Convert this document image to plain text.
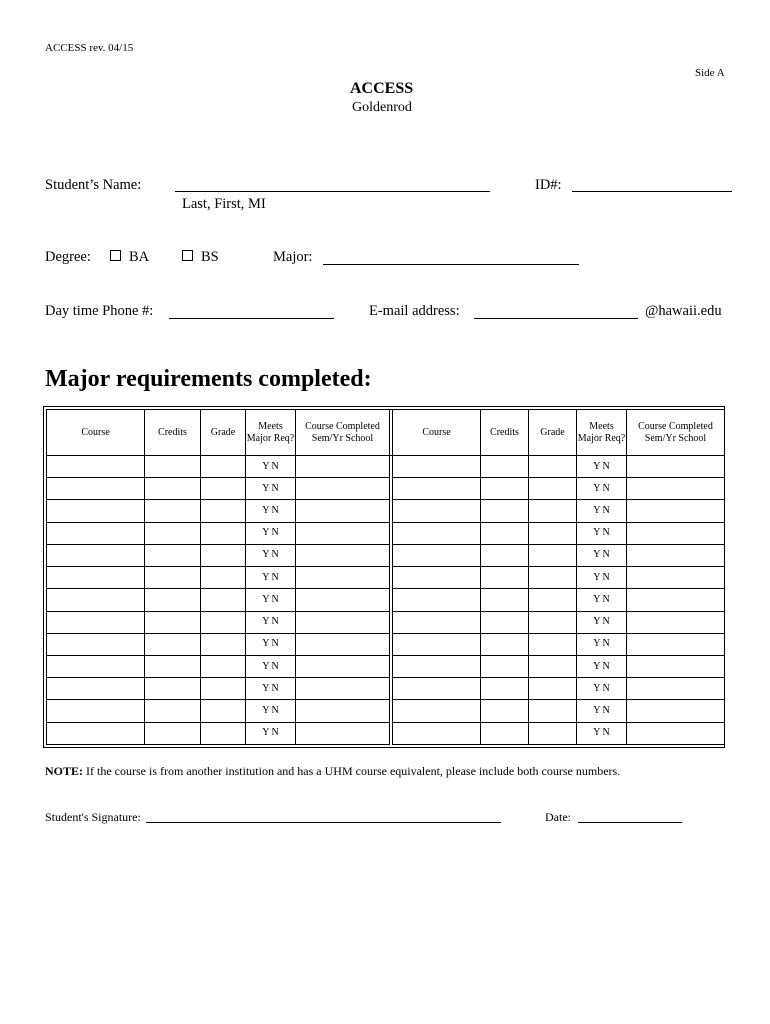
ACCESS rev. 04/15
Side A
ACCESS
Goldenrod
Student’s Name:
Last, First, MI
ID#:
Degree:	BA	BS	Major:
Day time Phone #:	E-mail address:	@hawaii.edu
Major requirements completed:
Course	Credits	Grade	Meets Major Req?	Course Completed Sem/Yr School		Course	Credits	Grade	Meets Major Req?	Course Completed Sem/Yr School
			Y N						Y N	
			Y N						Y N	
			Y N						Y N	
			Y N						Y N	
			Y N						Y N	
			Y N						Y N	
			Y N						Y N	
			Y N						Y N	
			Y N						Y N	
			Y N						Y N	
			Y N						Y N	
			Y N						Y N	
			Y N						Y N	
NOTE: If the course is from another institution and has a UHM course equivalent, please include both course numbers.
Student's Signature:	Date:
